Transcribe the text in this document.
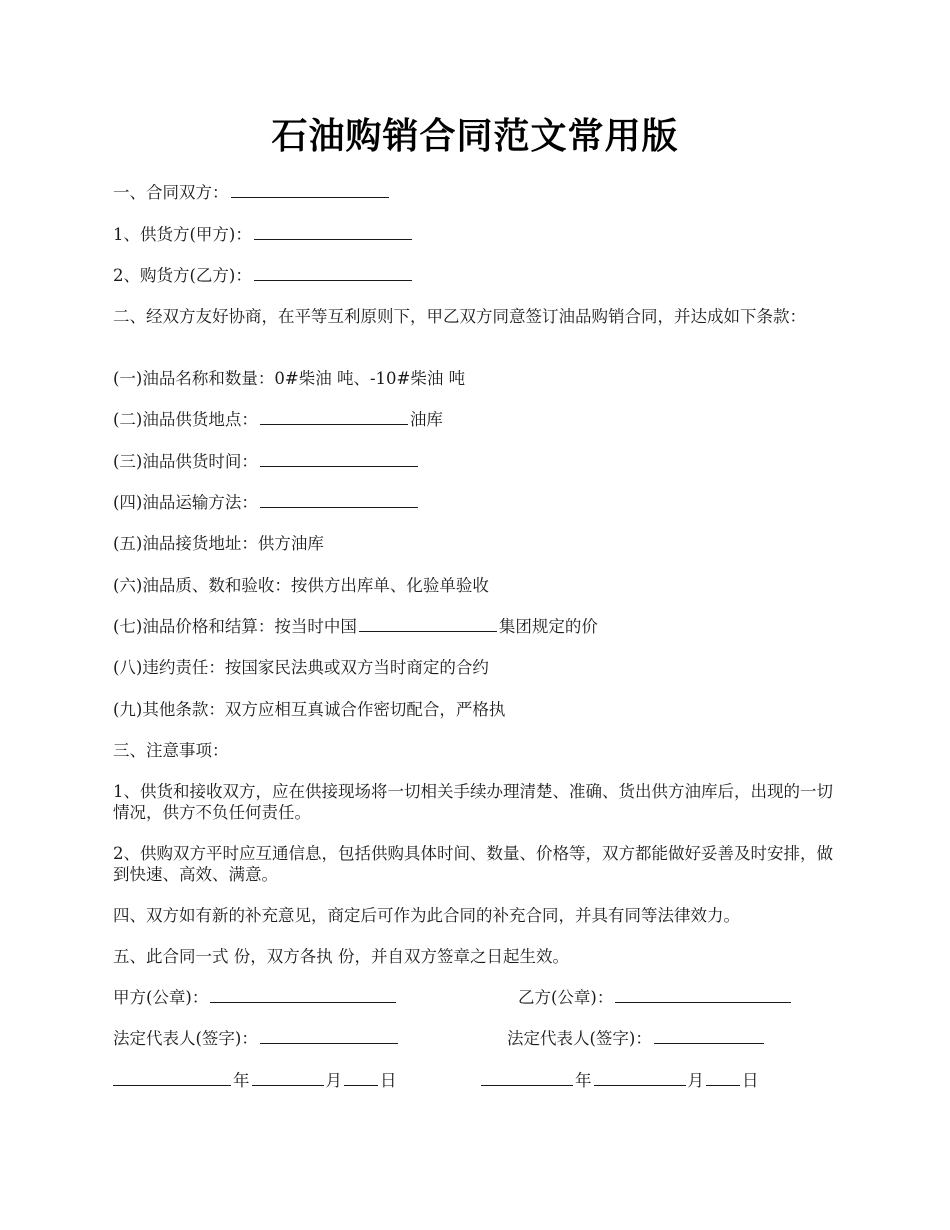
石油购销合同范文常用版
一、合同双方：
1、供货方(甲方)：
2、购货方(乙方)：
二、经双方友好协商，在平等互利原则下，甲乙双方同意签订油品购销合同，并达成如下条款：
(一)油品名称和数量：0#柴油 吨、-10#柴油 吨
(二)油品供货地点：	油库
(三)油品供货时间：
(四)油品运输方法：
(五)油品接货地址：供方油库
(六)油品质、数和验收：按供方出库单、化验单验收
(七)油品价格和结算：按当时中国	集团规定的价
(八)违约责任：按国家民法典或双方当时商定的合约
(九)其他条款：双方应相互真诚合作密切配合，严格执
三、注意事项：
1、供货和接收双方，应在供接现场将一切相关手续办理清楚、准确、货出供方油库后，出现的一切情况，供方不负任何责任。
2、供购双方平时应互通信息，包括供购具体时间、数量、价格等，双方都能做好妥善及时安排，做到快速、高效、满意。
四、双方如有新的补充意见，商定后可作为此合同的补充合同，并具有同等法律效力。
五、此合同一式 份，双方各执 份，并自双方签章之日起生效。
甲方(公章)：	乙方(公章)：
法定代表人(签字)：	法定代表人(签字)：
年	月 日	年	月 日
